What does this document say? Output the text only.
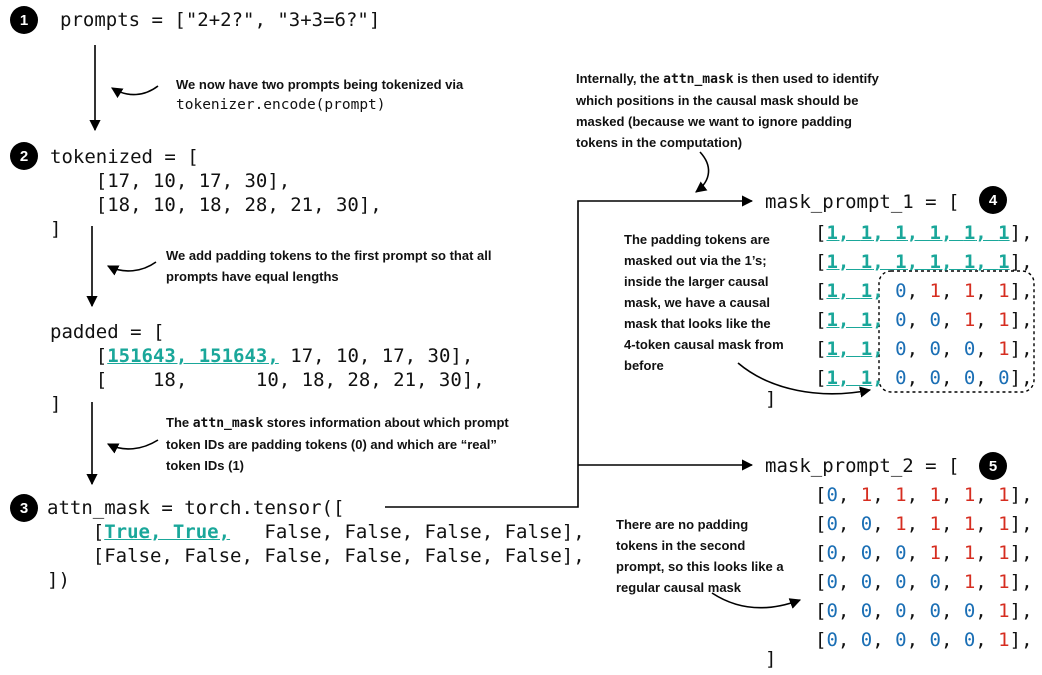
1
2
3
4
5
prompts = ["2+2?", "3+3=6?"]
We now have two prompts being tokenized via
tokenizer.encode(prompt)
tokenized = [
[17, 10, 17, 30],
[18, 10, 18, 28, 21, 30],
]
We add padding tokens to the first prompt so that all prompts have equal lengths
padded = [
[151643, 151643, 17, 10, 17, 30],
[    18,      10, 18, 28, 21, 30],
]
The attn_mask stores information about which prompt token IDs are padding tokens (0) and which are “real” token IDs (1)
attn_mask = torch.tensor([
[True, True,   False, False, False, False],
[False, False, False, False, False, False],
])
Internally, the attn_mask is then used to identify which positions in the causal mask should be masked (because we want to ignore padding tokens in the computation)
mask_prompt_1 = [
[1, 1, 1, 1, 1, 1],
[1, 1, 1, 1, 1, 1],
[1, 1, 0, 1, 1, 1],
[1, 1, 0, 0, 1, 1],
[1, 1, 0, 0, 0, 1],
[1, 1, 0, 0, 0, 0],
]
The padding tokens are masked out via the 1’s; inside the larger causal mask, we have a causal mask that looks like the 4-token causal mask from before
mask_prompt_2 = [
[0, 1, 1, 1, 1, 1],
[0, 0, 1, 1, 1, 1],
[0, 0, 0, 1, 1, 1],
[0, 0, 0, 0, 1, 1],
[0, 0, 0, 0, 0, 1],
[0, 0, 0, 0, 0, 1],
]
There are no padding tokens in the second prompt, so this looks like a regular causal mask
